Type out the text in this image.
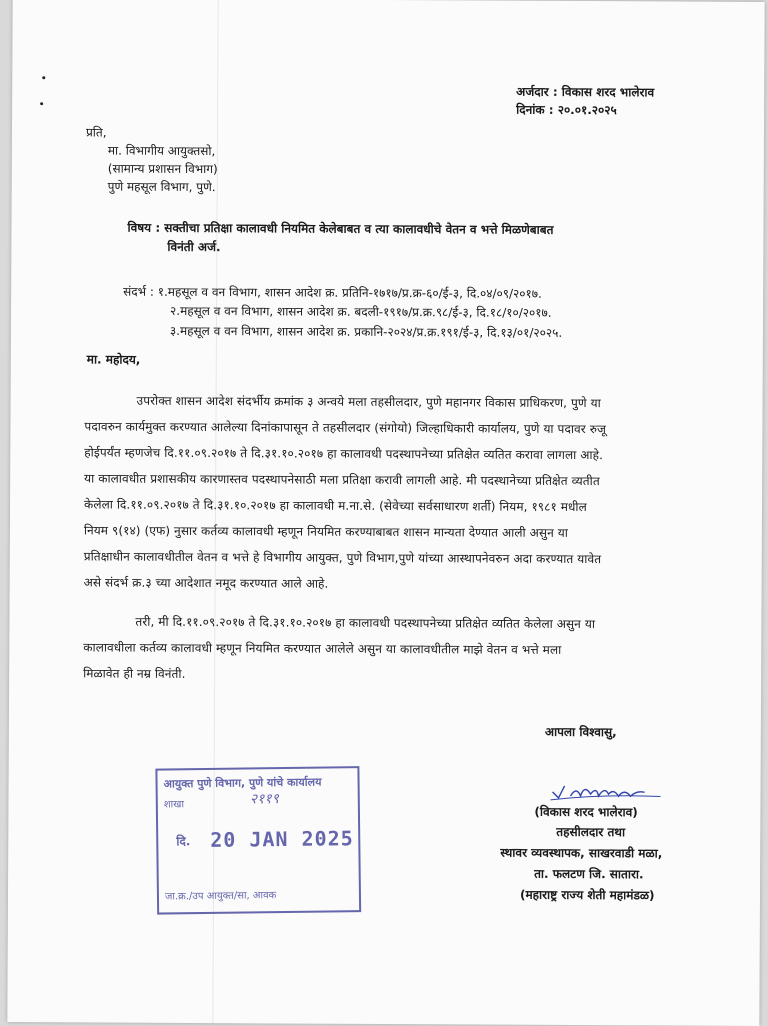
अर्जदार : विकास शरद भालेराव
दिनांक : २०.०१.२०२५
प्रति,
मा. विभागीय आयुक्तसो,
(सामान्य प्रशासन विभाग)
पुणे महसूल विभाग, पुणे.
विषय : सक्तीचा प्रतिक्षा कालावधी नियमित केलेबाबत व त्या कालावधीचे वेतन व भत्ते मिळणेबाबत
विनंती अर्ज.
संदर्भ : १.महसूल व वन विभाग, शासन आदेश क्र. प्रतिनि-१७१७/प्र.क्र-६०/ई-३, दि.०४/०९/२०१७.
२.महसूल व वन विभाग, शासन आदेश क्र. बदली-१९१७/प्र.क्र.९८/ई-३, दि.१८/१०/२०१७.
३.महसूल व वन विभाग, शासन आदेश क्र. प्रकानि-२०२४/प्र.क्र.१९१/ई-३, दि.१३/०१/२०२५.
मा. महोदय,
उपरोक्त शासन आदेश संदर्भीय क्रमांक ३ अन्वये मला तहसीलदार, पुणे महानगर विकास प्राधिकरण, पुणे या
पदावरुन कार्यमुक्त करण्यात आलेल्या दिनांकापासून ते तहसीलदार (संगोयो) जिल्हाधिकारी कार्यालय, पुणे या पदावर रुजू
होईपर्यंत म्हणजेच दि.११.०९.२०१७ ते दि.३१.१०.२०१७ हा कालावधी पदस्थापनेच्या प्रतिक्षेत व्यतित करावा लागला आहे.
या कालावधीत प्रशासकीय कारणास्तव पदस्थापनेसाठी मला प्रतिक्षा करावी लागली आहे. मी पदस्थानेच्या प्रतिक्षेत व्यतीत
केलेला दि.११.०९.२०१७ ते दि.३१.१०.२०१७ हा कालावधी म.ना.से. (सेवेच्या सर्वसाधारण शर्ती) नियम, १९८१ मधील
नियम ९(१४) (एफ) नुसार कर्तव्य कालावधी म्हणून नियमित करण्याबाबत शासन मान्यता देण्यात आली असुन या
प्रतिक्षाधीन कालावधीतील वेतन व भत्ते हे विभागीय आयुक्त, पुणे विभाग,पुणे यांच्या आस्थापनेवरुन अदा करण्यात यावेत
असे संदर्भ क्र.३ च्या आदेशात नमूद करण्यात आले आहे.
तरी, मी दि.११.०९.२०१७ ते दि.३१.१०.२०१७ हा कालावधी पदस्थापनेच्या प्रतिक्षेत व्यतित केलेला असुन या
कालावधीला कर्तव्य कालावधी म्हणून नियमित करण्यात आलेले असुन या कालावधीतील माझे वेतन व भत्ते मला
मिळावेत ही नम्र विनंती.
आपला विश्वासु,
(विकास शरद भालेराव)
तहसीलदार तथा
स्थावर व्यवस्थापक, साखरवाडी मळा,
ता. फलटण जि. सातारा.
(महाराष्ट्र राज्य शेती महामंडळ)
आयुक्त पुणे विभाग, पुणे यांचे कार्यालय
शाखा	२११९
दि. 20 JAN 2025
जा.क्र./उप आयुक्त/सा, आवक
